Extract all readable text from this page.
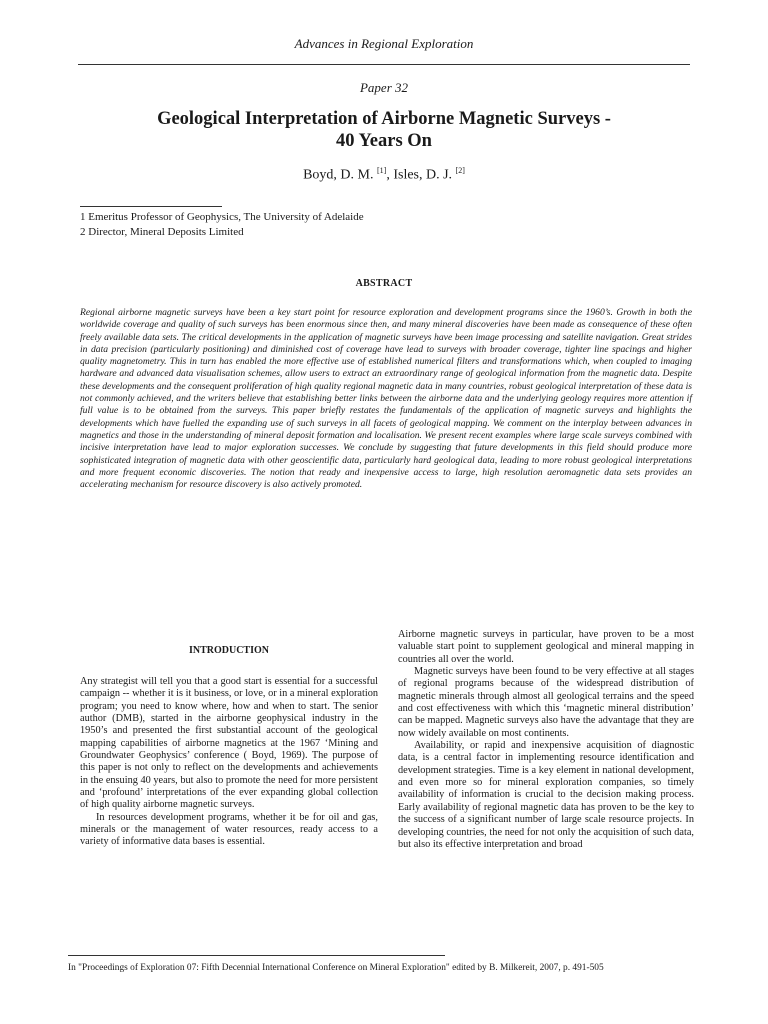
Advances in Regional Exploration
Paper 32
Geological Interpretation of Airborne Magnetic Surveys -
40 Years On
Boyd, D. M. [1], Isles, D. J. [2]
1 Emeritus Professor of Geophysics, The University of Adelaide
2 Director, Mineral Deposits Limited
ABSTRACT

Regional airborne magnetic surveys have been a key start point for resource exploration and development programs since the 1960’s. Growth in both the worldwide coverage and quality of such surveys has been enormous since then, and many mineral discoveries have been made as consequence of these often freely available data sets. The critical developments in the application of magnetic surveys have been image processing and satellite navigation. Great strides in data precision (particularly positioning) and diminished cost of coverage have lead to surveys with broader coverage, tighter line spacings and higher quality magnetometry. This in turn has enabled the more effective use of established numerical filters and transformations which, when coupled to imaging hardware and advanced data visualisation schemes, allow users to extract an extraordinary range of geological information from the magnetic data. Despite these developments and the consequent proliferation of high quality regional magnetic data in many countries, robust geological interpretation of these data is not commonly achieved, and the writers believe that establishing better links between the airborne data and the underlying geology requires more attention if full value is to be obtained from the surveys. This paper briefly restates the fundamentals of the application of magnetic surveys and highlights the developments which have fuelled the expanding use of such surveys in all facets of geological mapping. We comment on the interplay between advances in magnetics and those in the understanding of mineral deposit formation and localisation. We present recent examples where large scale surveys combined with incisive interpretation have lead to major exploration successes. We conclude by suggesting that future developments in this field should produce more sophisticated integration of magnetic data with other geoscientific data, particularly hard geological data, leading to more robust geological interpretations and more frequent economic discoveries. The notion that ready and inexpensive access to large, high resolution aeromagnetic data sets provides an accelerating mechanism for resource discovery is also actively promoted.

INTRODUCTION

Any strategist will tell you that a good start is essential for a successful campaign -- whether it is it business, or love, or in a mineral exploration program; you need to know where, how and when to start. The senior author (DMB), started in the airborne geophysical industry in the 1950’s and presented the first substantial account of the geological mapping capabilities of airborne magnetics at the 1967 ‘Mining and Groundwater Geophysics’ conference ( Boyd, 1969). The purpose of this paper is not only to reflect on the developments and achievements in the ensuing 40 years, but also to promote the need for more persistent and ‘profound’ interpretations of the ever expanding global collection of high quality airborne magnetic surveys.

In resources development programs, whether it be for oil and gas, minerals or the management of water resources, ready access to a variety of informative data bases is essential.

Airborne magnetic surveys in particular, have proven to be a most valuable start point to supplement geological and mineral mapping in countries all over the world.

Magnetic surveys have been found to be very effective at all stages of regional programs because of the widespread distribution of magnetic minerals through almost all geological terrains and the speed and cost effectiveness with which this ‘magnetic mineral distribution’ can be mapped. Magnetic surveys also have the advantage that they are now widely available on most continents.

Availability, or rapid and inexpensive acquisition of diagnostic data, is a central factor in implementing resource identification and development strategies. Time is a key element in national development, and even more so for mineral exploration companies, so timely availability of information is crucial to the decision making process. Early availability of regional magnetic data has proven to be the key to the success of a significant number of large scale resource projects. In developing countries, the need for not only the acquisition of such data, but also its effective interpretation and broad

In "Proceedings of Exploration 07: Fifth Decennial International Conference on Mineral Exploration" edited by B. Milkereit, 2007, p. 491-505
